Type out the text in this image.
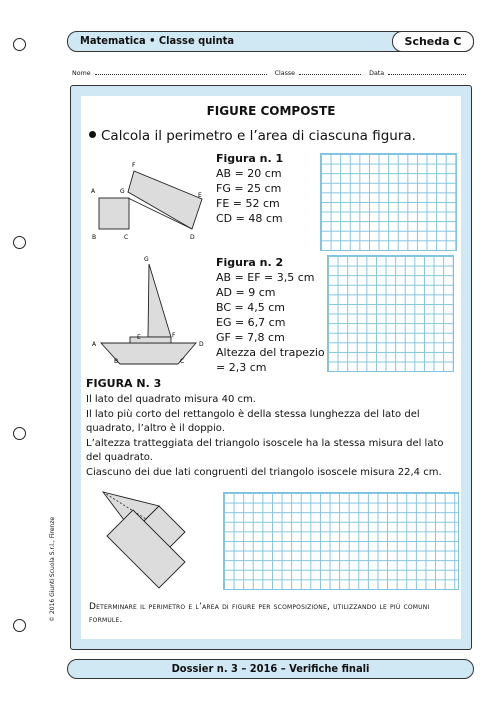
Matematica • Classe quinta	Scheda C
Nome	Classe	Data
© 2016 Giunti Scuola S.r.l., Firenze
FIGURE COMPOSTE
Calcola il perimetro e l’area di ciascuna figura.
F
E
A	G
B	C	D
Figura n. 1
AB = 20 cm
FG = 25 cm
FE = 52 cm
CD = 48 cm
G
E	F
A	D
B	C
Figura n. 2
AB = EF = 3,5 cm
AD = 9 cm
BC = 4,5 cm
EG = 6,7 cm
GF = 7,8 cm
Altezza del trapezio
= 2,3 cm
FIGURA N. 3

Il lato del quadrato misura 40 cm.

Il lato più corto del rettangolo è della stessa lunghezza del lato del quadrato, l’altro è il doppio.

L’altezza tratteggiata del triangolo isoscele ha la stessa misura del lato del quadrato.

Ciascuno dei due lati congruenti del triangolo isoscele misura 22,4 cm.

Determinare il perimetro e l’area di figure per scomposizione, utilizzando le più comuni formule.
Dossier n. 3 – 2016 – Verifiche finali
